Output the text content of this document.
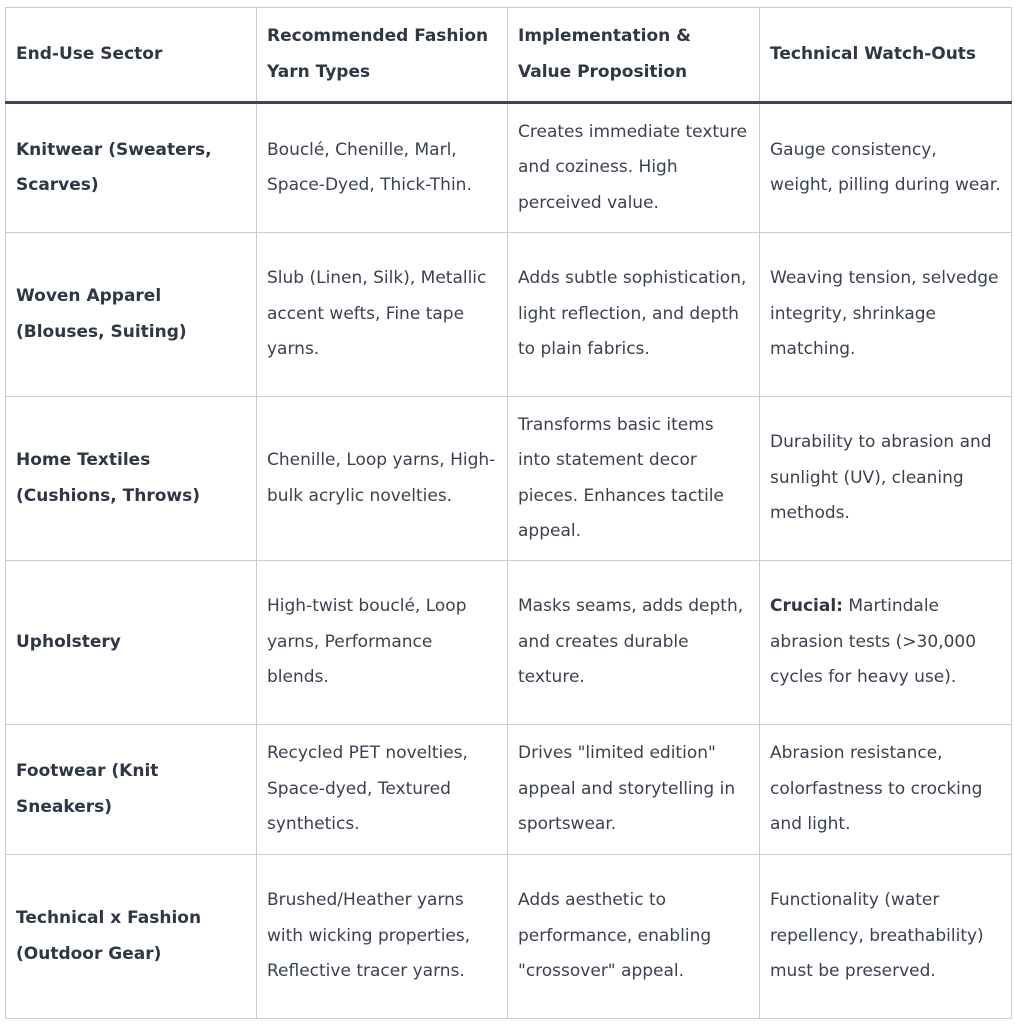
End-Use Sector	Recommended Fashion Yarn Types	Implementation & Value Proposition	Technical Watch-Outs
Knitwear (Sweaters, Scarves)	Bouclé, Chenille, Marl, Space-Dyed, Thick-Thin.	Creates immediate texture and coziness. High perceived value.	Gauge consistency, weight, pilling during wear.
Woven Apparel (Blouses, Suiting)	Slub (Linen, Silk), Metallic accent wefts, Fine tape yarns.	Adds subtle sophistication, light reflection, and depth to plain fabrics.	Weaving tension, selvedge integrity, shrinkage matching.
Home Textiles (Cushions, Throws)	Chenille, Loop yarns, High-bulk acrylic novelties.	Transforms basic items into statement decor pieces. Enhances tactile appeal.	Durability to abrasion and sunlight (UV), cleaning methods.
Upholstery	High-twist bouclé, Loop yarns, Performance blends.	Masks seams, adds depth, and creates durable texture.	Crucial: Martindale abrasion tests (>30,000 cycles for heavy use).
Footwear (Knit Sneakers)	Recycled PET novelties, Space-dyed, Textured synthetics.	Drives "limited edition" appeal and storytelling in sportswear.	Abrasion resistance, colorfastness to crocking and light.
Technical x Fashion (Outdoor Gear)	Brushed/Heather yarns with wicking properties, Reflective tracer yarns.	Adds aesthetic to performance, enabling "crossover" appeal.	Functionality (water repellency, breathability) must be preserved.
